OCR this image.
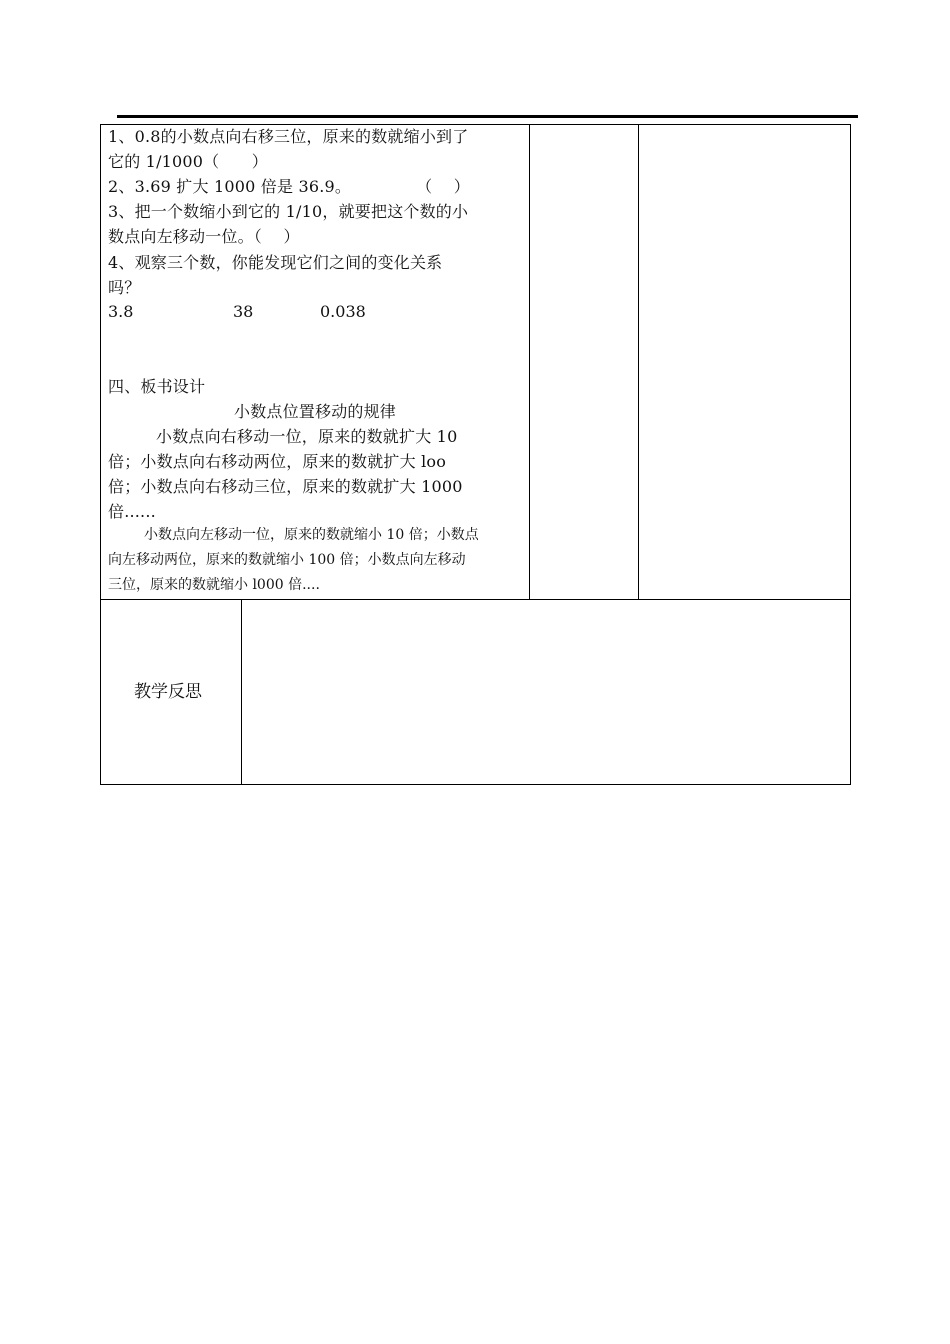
1、0.8的小数点向右移三位，原来的数就缩小到了
它的 1/1000（　　）
2、3.69 扩大 1000 倍是 36.9。　　　　　（　 ）
3、把一个数缩小到它的 1/10，就要把这个数的小
数点向左移动一位。（　 ）
4、观察三个数，你能发现它们之间的变化关系
吗？
3.8	38	0.038
四、板书设计
小数点位置移动的规律
小数点向右移动一位，原来的数就扩大 10
倍；小数点向右移动两位，原来的数就扩大 loo
倍；小数点向右移动三位，原来的数就扩大 1000
倍......
小数点向左移动一位，原来的数就缩小 10 倍；小数点
向左移动两位，原来的数就缩小 100 倍；小数点向左移动
三位，原来的数就缩小 l000 倍....
教学反思
